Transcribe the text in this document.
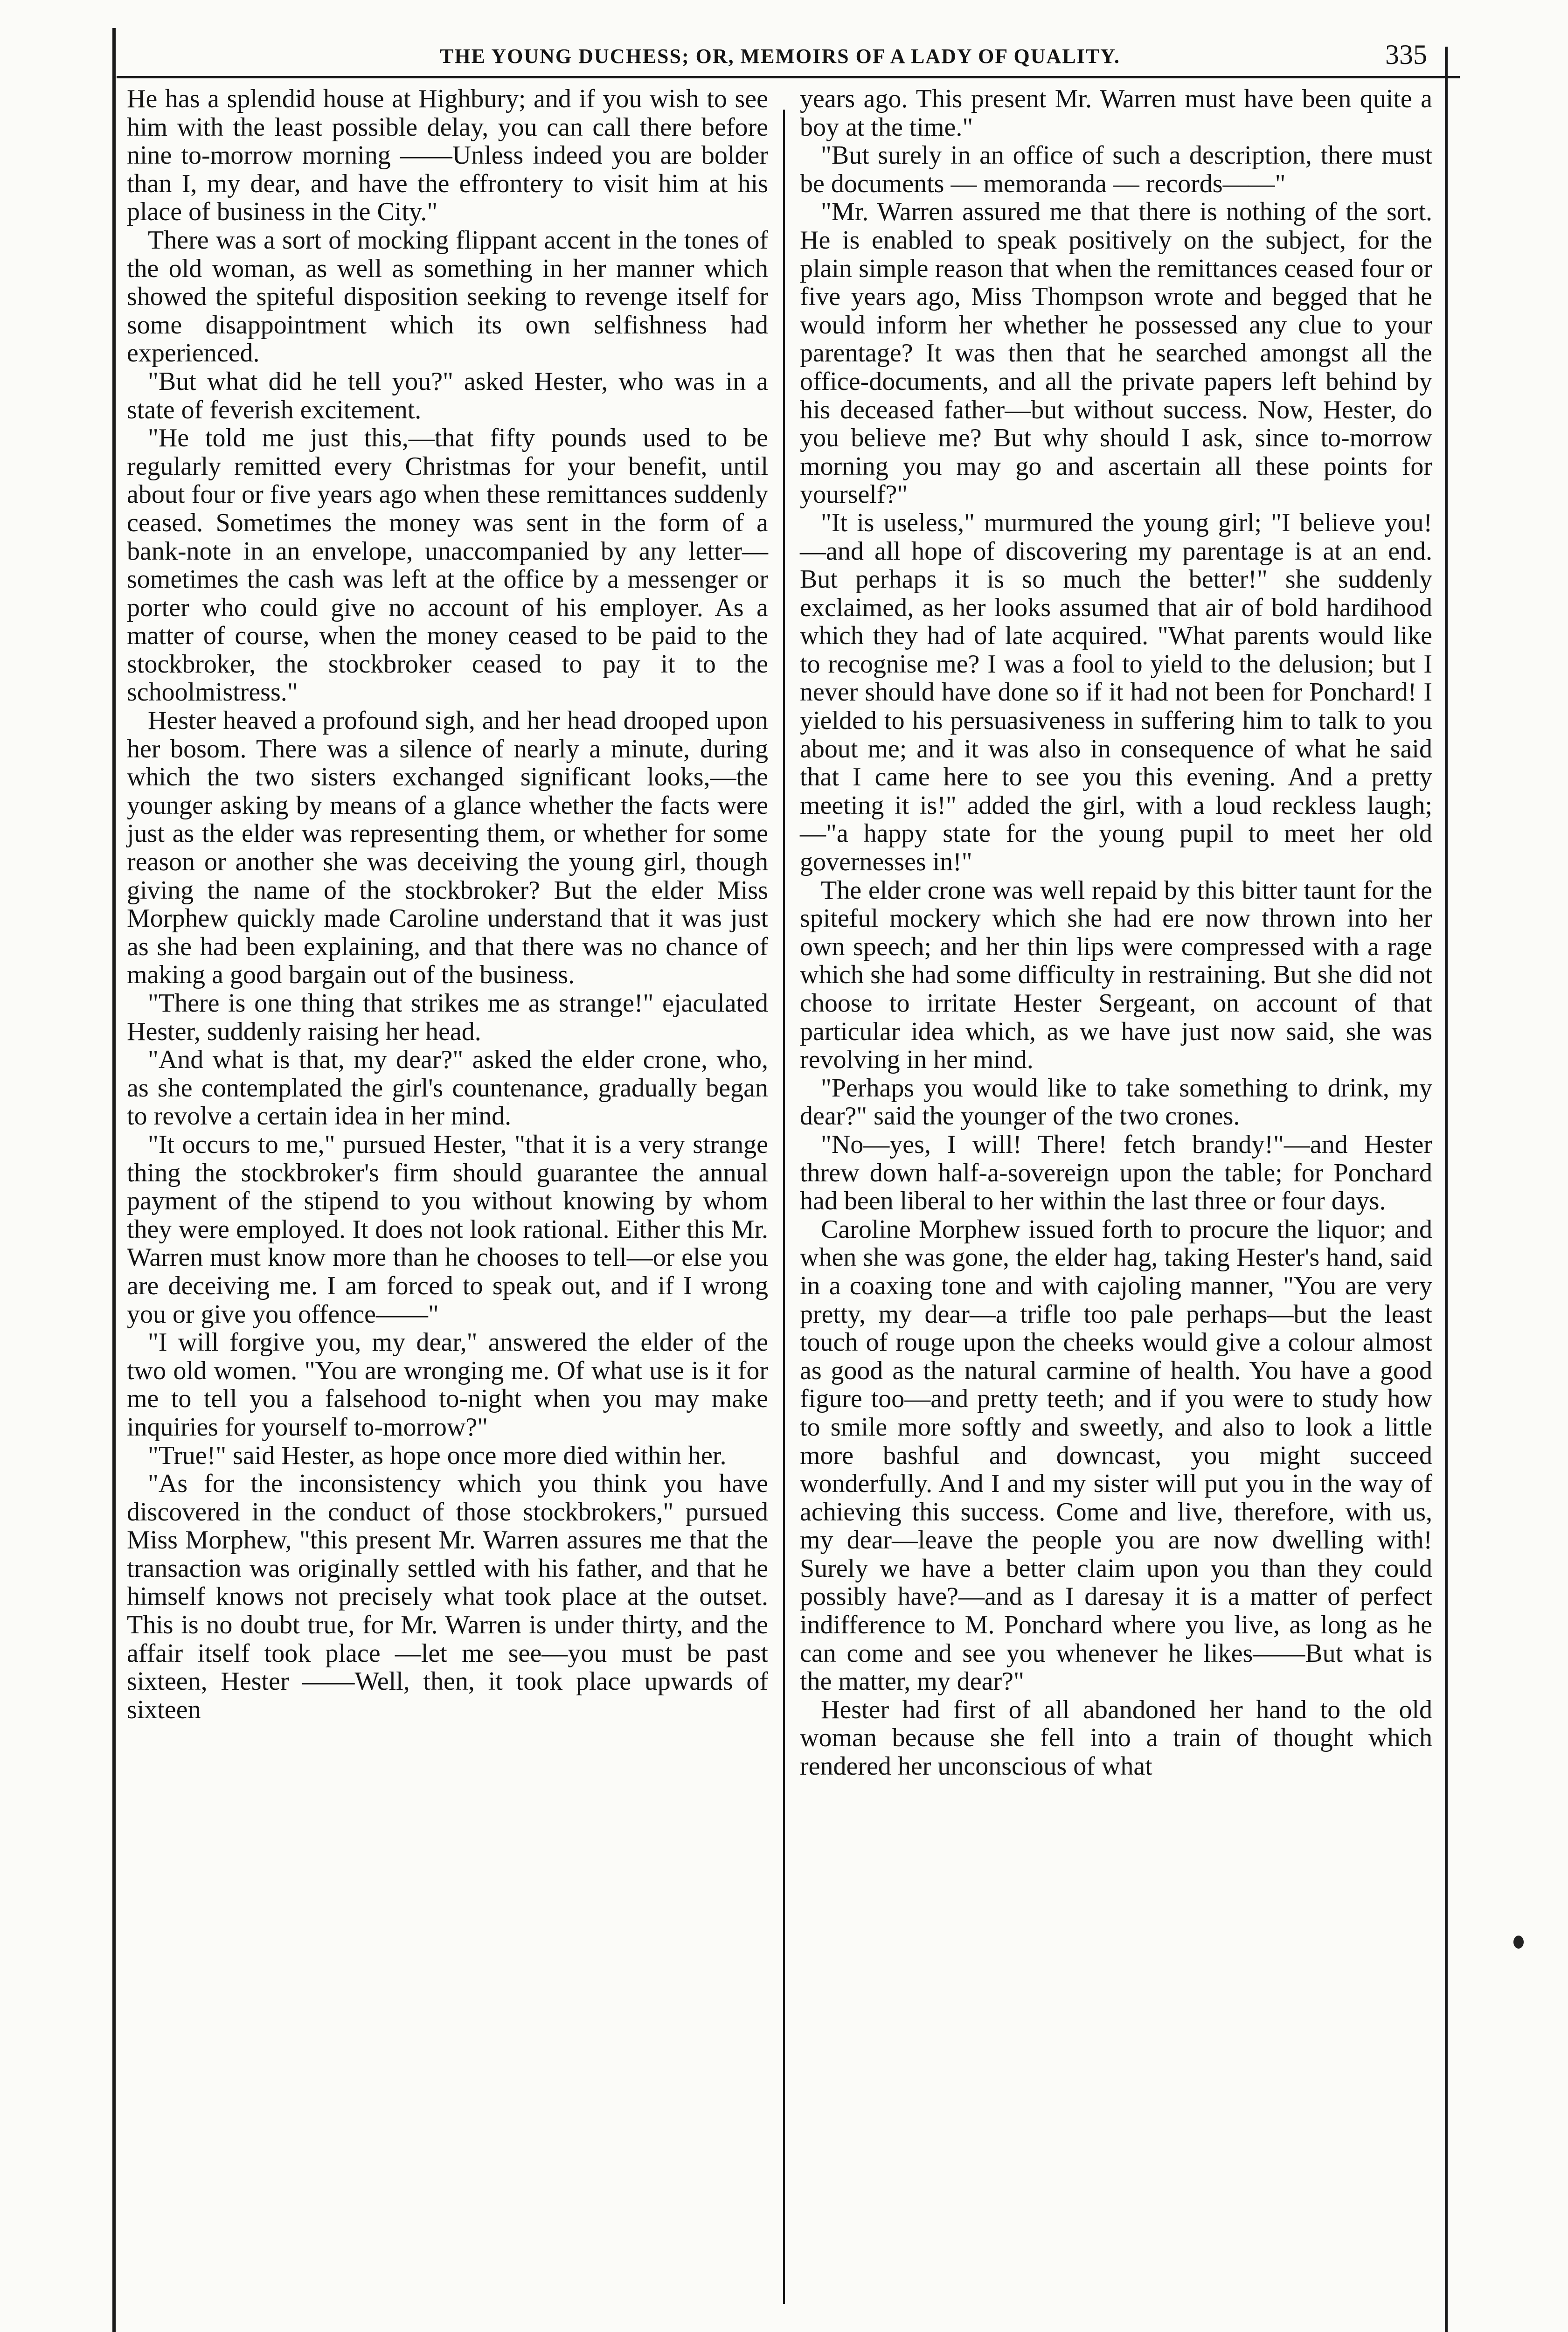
THE YOUNG DUCHESS; OR, MEMOIRS OF A LADY OF QUALITY.	335

He has a splendid house at Highbury; and if you wish to see him with the least possible delay, you can call there before nine to-morrow morning ——Unless indeed you are bolder than I, my dear, and have the effrontery to visit him at his place of business in the City."

There was a sort of mocking flippant accent in the tones of the old woman, as well as something in her manner which showed the spiteful disposition seeking to revenge itself for some disappointment which its own selfishness had experienced.

"But what did he tell you?" asked Hester, who was in a state of feverish excitement.

"He told me just this,—that fifty pounds used to be regularly remitted every Christmas for your benefit, until about four or five years ago when these remittances suddenly ceased. Sometimes the money was sent in the form of a bank-note in an envelope, unaccompanied by any letter—sometimes the cash was left at the office by a messenger or porter who could give no account of his employer. As a matter of course, when the money ceased to be paid to the stockbroker, the stockbroker ceased to pay it to the schoolmistress."

Hester heaved a profound sigh, and her head drooped upon her bosom. There was a silence of nearly a minute, during which the two sisters exchanged significant looks,—the younger asking by means of a glance whether the facts were just as the elder was representing them, or whether for some reason or another she was deceiving the young girl, though giving the name of the stockbroker? But the elder Miss Morphew quickly made Caroline understand that it was just as she had been explaining, and that there was no chance of making a good bargain out of the business.

"There is one thing that strikes me as strange!" ejaculated Hester, suddenly raising her head.

"And what is that, my dear?" asked the elder crone, who, as she contemplated the girl's countenance, gradually began to revolve a certain idea in her mind.

"It occurs to me," pursued Hester, "that it is a very strange thing the stockbroker's firm should guarantee the annual payment of the stipend to you without knowing by whom they were employed. It does not look rational. Either this Mr. Warren must know more than he chooses to tell—or else you are deceiving me. I am forced to speak out, and if I wrong you or give you offence——"

"I will forgive you, my dear," answered the elder of the two old women. "You are wronging me. Of what use is it for me to tell you a falsehood to-night when you may make inquiries for yourself to-morrow?"

"True!" said Hester, as hope once more died within her.

"As for the inconsistency which you think you have discovered in the conduct of those stockbrokers," pursued Miss Morphew, "this present Mr. Warren assures me that the transaction was originally settled with his father, and that he himself knows not precisely what took place at the outset. This is no doubt true, for Mr. Warren is under thirty, and the affair itself took place —let me see—you must be past sixteen, Hester ——Well, then, it took place upwards of sixteen

years ago. This present Mr. Warren must have been quite a boy at the time."

"But surely in an office of such a description, there must be documents — memoranda — records——"

"Mr. Warren assured me that there is nothing of the sort. He is enabled to speak positively on the subject, for the plain simple reason that when the remittances ceased four or five years ago, Miss Thompson wrote and begged that he would inform her whether he possessed any clue to your parentage? It was then that he searched amongst all the office-documents, and all the private papers left behind by his deceased father—but without success. Now, Hester, do you believe me? But why should I ask, since to-morrow morning you may go and ascertain all these points for yourself?"

"It is useless," murmured the young girl; "I believe you!—and all hope of discovering my parentage is at an end. But perhaps it is so much the better!" she suddenly exclaimed, as her looks assumed that air of bold hardihood which they had of late acquired. "What parents would like to recognise me? I was a fool to yield to the delusion; but I never should have done so if it had not been for Ponchard! I yielded to his persuasiveness in suffering him to talk to you about me; and it was also in consequence of what he said that I came here to see you this evening. And a pretty meeting it is!" added the girl, with a loud reckless laugh;—"a happy state for the young pupil to meet her old governesses in!"

The elder crone was well repaid by this bitter taunt for the spiteful mockery which she had ere now thrown into her own speech; and her thin lips were compressed with a rage which she had some difficulty in restraining. But she did not choose to irritate Hester Sergeant, on account of that particular idea which, as we have just now said, she was revolving in her mind.

"Perhaps you would like to take something to drink, my dear?" said the younger of the two crones.

"No—yes, I will! There! fetch brandy!"—and Hester threw down half-a-sovereign upon the table; for Ponchard had been liberal to her within the last three or four days.

Caroline Morphew issued forth to procure the liquor; and when she was gone, the elder hag, taking Hester's hand, said in a coaxing tone and with cajoling manner, "You are very pretty, my dear—a trifle too pale perhaps—but the least touch of rouge upon the cheeks would give a colour almost as good as the natural carmine of health. You have a good figure too—and pretty teeth; and if you were to study how to smile more softly and sweetly, and also to look a little more bashful and downcast, you might succeed wonderfully. And I and my sister will put you in the way of achieving this success. Come and live, therefore, with us, my dear—leave the people you are now dwelling with! Surely we have a better claim upon you than they could possibly have?—and as I daresay it is a matter of perfect indifference to M. Ponchard where you live, as long as he can come and see you whenever he likes——But what is the matter, my dear?"

Hester had first of all abandoned her hand to the old woman because she fell into a train of thought which rendered her unconscious of what
